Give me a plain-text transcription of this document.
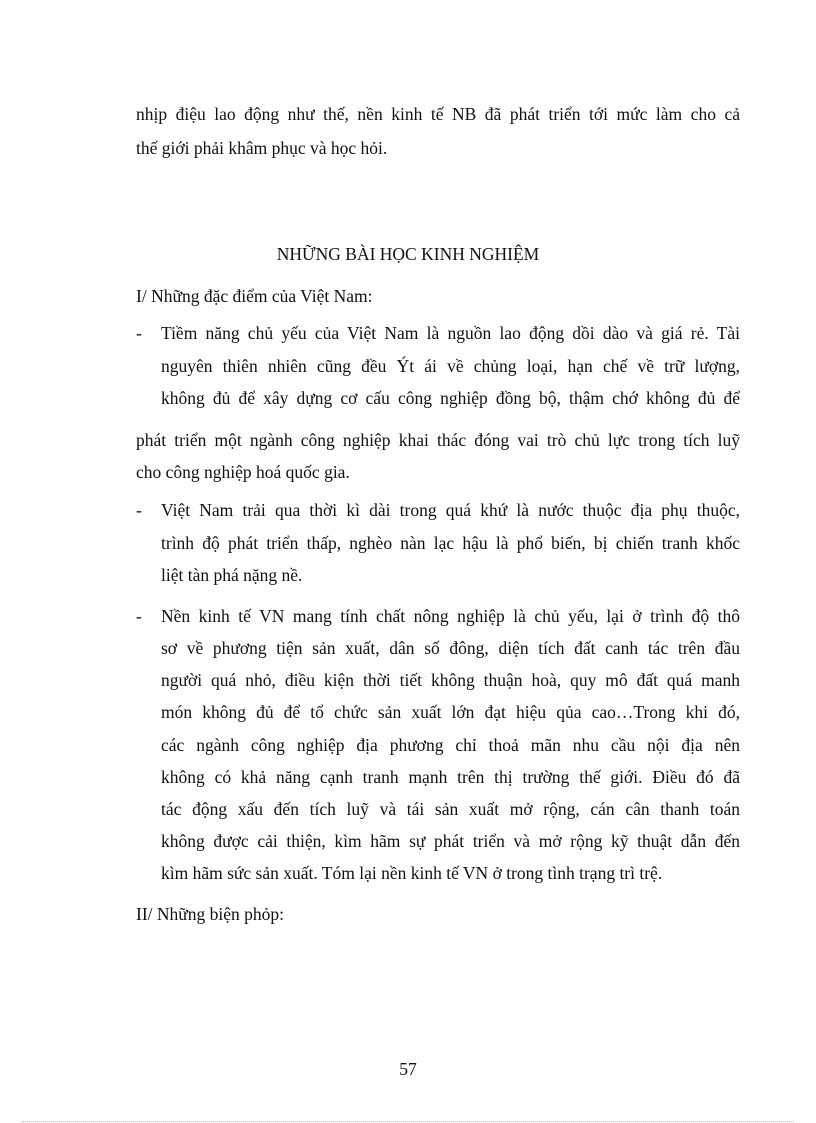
nhịp điệu lao động như thế, nền kinh tế NB đã phát triển tới mức làm cho cả
thế giới phải khâm phục và học hỏi.
NHỮNG BÀI HỌC KINH NGHIỆM
I/ Những đặc điểm của Việt Nam:
- Tiềm năng chủ yếu của Việt Nam là nguồn lao động dồi dào và giá rẻ. Tài
nguyên thiên nhiên cũng đều Ýt ái về chủng loại, hạn chế về trữ lượng,
không đủ để xây dựng cơ cấu công nghiệp đồng bộ, thậm chớ không đủ để
phát triển một ngành công nghiệp khai thác đóng vai trò chủ lực trong tích luỹ
cho công nghiệp hoá quốc gia.
- Việt Nam trải qua thời kì dài trong quá khứ là nước thuộc địa phụ thuộc,
trình độ phát triển thấp, nghèo nàn lạc hậu là phổ biến, bị chiến tranh khốc
liệt tàn phá nặng nề.
- Nền kinh tế VN mang tính chất nông nghiệp là chủ yếu, lại ở trình độ thô
sơ về phương tiện sản xuất, dân số đông, diện tích đất canh tác trên đầu
người quá nhỏ, điều kiện thời tiết không thuận hoà, quy mô đất quá manh
món không đủ để tổ chức sản xuất lớn đạt hiệu qủa cao…Trong khi đó,
các ngành công nghiệp địa phương chỉ thoả mãn nhu cầu nội địa nên
không có khả năng cạnh tranh mạnh trên thị trường thế giới. Điều đó đã
tác động xấu đến tích luỹ và tái sản xuất mở rộng, cán cân thanh toán
không được cải thiện, kìm hãm sự phát triển và mở rộng kỹ thuật dẫn đến
kìm hãm sức sản xuất. Tóm lại nền kinh tế VN ở trong tình trạng trì trệ.
II/ Những biện phỏp:
57
